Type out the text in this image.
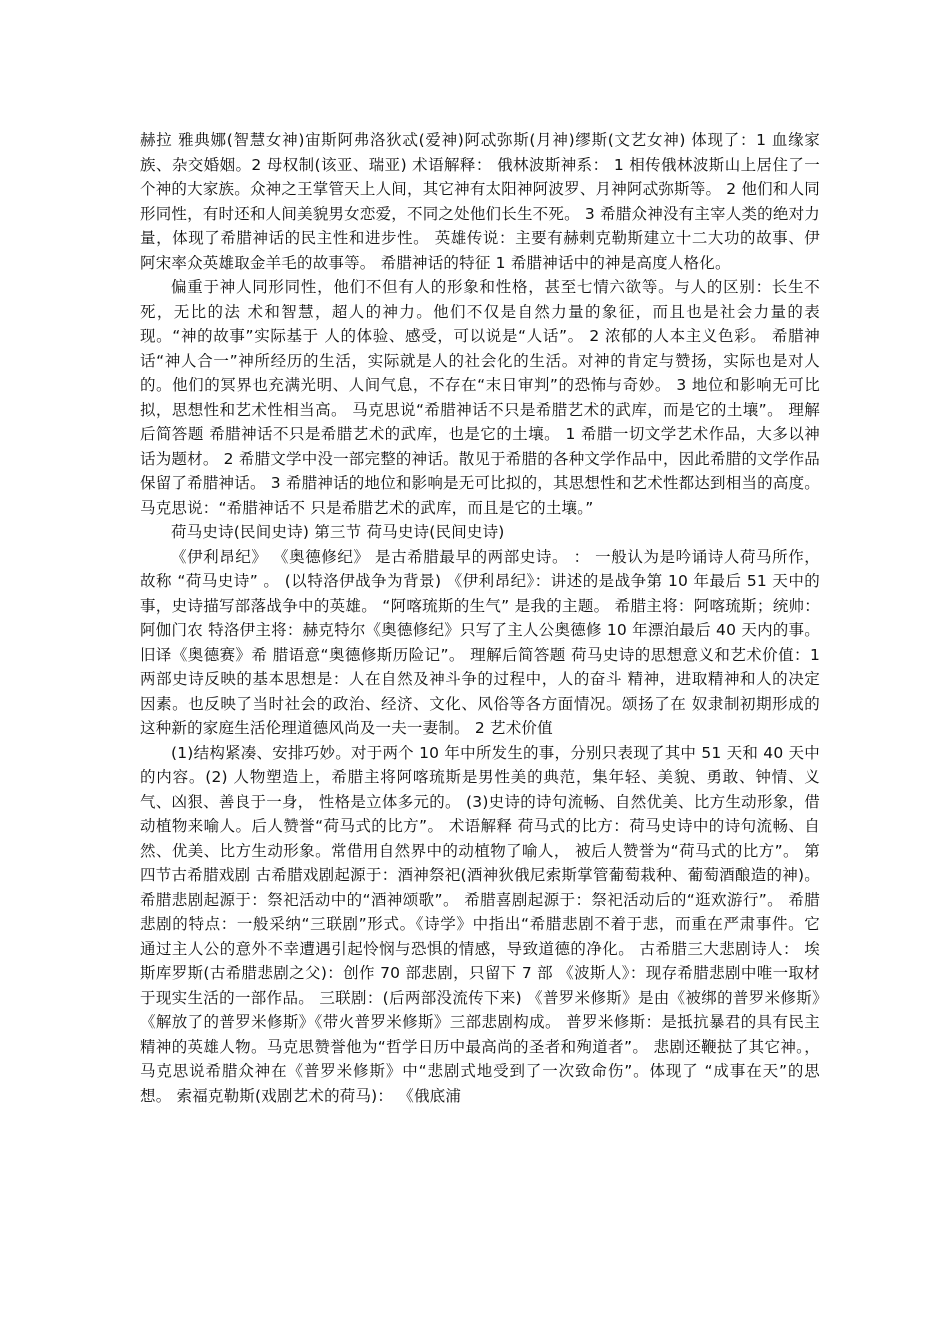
赫拉 雅典娜(智慧女神)宙斯阿弗洛狄忒(爱神)阿忒弥斯(月神)缪斯(文艺女神) 体现了：1 血缘家族、杂交婚姻。2 母权制(该亚、瑞亚) 术语解释： 俄林波斯神系： 1 相传俄林波斯山上居住了一个神的大家族。众神之王掌管天上人间，其它神有太阳神阿波罗、月神阿忒弥斯等。 2 他们和人同形同性，有时还和人间美貌男女恋爱，不同之处他们长生不死。 3 希腊众神没有主宰人类的绝对力量，体现了希腊神话的民主性和进步性。 英雄传说：主要有赫剌克勒斯建立十二大功的故事、伊阿宋率众英雄取金羊毛的故事等。 希腊神话的特征 1 希腊神话中的神是高度人格化。

偏重于神人同形同性，他们不但有人的形象和性格，甚至七情六欲等。与人的区别：长生不死，无比的法 术和智慧，超人的神力。他们不仅是自然力量的象征，而且也是社会力量的表现。“神的故事”实际基于 人的体验、感受，可以说是“人话”。 2 浓郁的人本主义色彩。 希腊神话“神人合一”神所经历的生活，实际就是人的社会化的生活。对神的肯定与赞扬，实际也是对人 的。他们的冥界也充满光明、人间气息，不存在“末日审判”的恐怖与奇妙。 3 地位和影响无可比拟，思想性和艺术性相当高。 马克思说“希腊神话不只是希腊艺术的武库，而是它的土壤”。 理解后简答题 希腊神话不只是希腊艺术的武库，也是它的土壤。 1 希腊一切文学艺术作品，大多以神话为题材。 2 希腊文学中没一部完整的神话。散见于希腊的各种文学作品中，因此希腊的文学作品保留了希腊神话。 3 希腊神话的地位和影响是无可比拟的，其思想性和艺术性都达到相当的高度。马克思说：“希腊神话不 只是希腊艺术的武库，而且是它的土壤。”

荷马史诗(民间史诗) 第三节 荷马史诗(民间史诗)

《伊利昂纪》 《奥德修纪》 是古希腊最早的两部史诗。 ： 一般认为是吟诵诗人荷马所作， 故称 “荷马史诗” 。 (以特洛伊战争为背景) 《伊利昂纪》：讲述的是战争第 10 年最后 51 天中的事，史诗描写部落战争中的英雄。 “阿喀琉斯的生气” 是我的主题。 希腊主将：阿喀琉斯；统帅：阿伽门农 特洛伊主将：赫克特尔《奥德修纪》只写了主人公奥德修 10 年漂泊最后 40 天内的事。旧译《奥德赛》希 腊语意“奥德修斯历险记”。 理解后简答题 荷马史诗的思想意义和艺术价值：1 两部史诗反映的基本思想是：人在自然及神斗争的过程中，人的奋斗 精神，进取精神和人的决定因素。也反映了当时社会的政治、经济、文化、风俗等各方面情况。颂扬了在 奴隶制初期形成的这种新的家庭生活伦理道德风尚及一夫一妻制。 2 艺术价值

(1)结构紧凑、安排巧妙。对于两个 10 年中所发生的事，分别只表现了其中 51 天和 40 天中的内容。(2) 人物塑造上，希腊主将阿喀琉斯是男性美的典范，集年轻、美貌、勇敢、钟情、义气、凶狠、善良于一身， 性格是立体多元的。 (3)史诗的诗句流畅、自然优美、比方生动形象，借动植物来喻人。后人赞誉“荷马式的比方”。 术语解释 荷马式的比方：荷马史诗中的诗句流畅、自然、优美、比方生动形象。常借用自然界中的动植物了喻人， 被后人赞誉为“荷马式的比方”。 第四节古希腊戏剧 古希腊戏剧起源于：酒神祭祀(酒神狄俄尼索斯掌管葡萄栽种、葡萄酒酿造的神)。 希腊悲剧起源于：祭祀活动中的“酒神颂歌”。 希腊喜剧起源于：祭祀活动后的“逛欢游行”。 希腊悲剧的特点：一般采纳“三联剧”形式。《诗学》中指出“希腊悲剧不着于悲，而重在严肃事件。它 通过主人公的意外不幸遭遇引起怜悯与恐惧的情感，导致道德的净化。 古希腊三大悲剧诗人： 埃斯库罗斯(古希腊悲剧之父)：创作 70 部悲剧，只留下 7 部 《波斯人》：现存希腊悲剧中唯一取材于现实生活的一部作品。 三联剧：(后两部没流传下来) 《普罗米修斯》是由《被绑的普罗米修斯》《解放了的普罗米修斯》《带火普罗米修斯》三部悲剧构成。 普罗米修斯：是抵抗暴君的具有民主精神的英雄人物。马克思赞誉他为“哲学日历中最高尚的圣者和殉道者”。 悲剧还鞭挞了其它神。，马克思说希腊众神在《普罗米修斯》中“悲剧式地受到了一次致命伤”。体现了 “成事在天”的思想。 索福克勒斯(戏剧艺术的荷马)： 《俄底浦
